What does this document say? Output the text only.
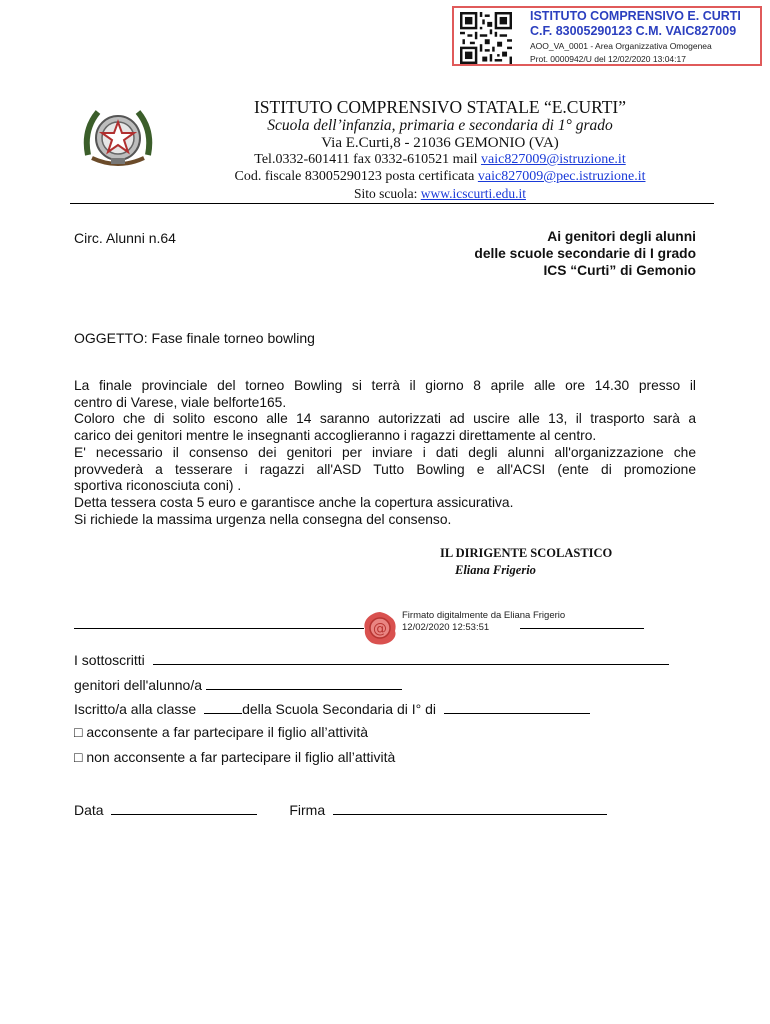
ISTITUTO COMPRENSIVO E. CURTI
C.F. 83005290123 C.M. VAIC827009
AOO_VA_0001 - Area Organizzativa Omogenea
Prot. 0000942/U del 12/02/2020 13:04:17
ISTITUTO COMPRENSIVO STATALE “E.CURTI”
Scuola dell’infanzia, primaria e secondaria di 1° grado
Via E.Curti,8 - 21036 GEMONIO (VA)
Tel.0332-601411 fax 0332-610521 mail vaic827009@istruzione.it
Cod. fiscale 83005290123 posta certificata vaic827009@pec.istruzione.it
Sito scuola: www.icscurti.edu.it
Circ. Alunni n.64	Ai genitori degli alunni
delle scuole secondarie di I grado
ICS “Curti” di Gemonio
OGGETTO: Fase finale torneo bowling
La finale provinciale del torneo Bowling si terrà il giorno 8 aprile alle ore 14.30 presso il
centro di Varese, viale belforte165.
Coloro che di solito escono alle 14 saranno autorizzati ad uscire alle 13, il trasporto sarà a
carico dei genitori mentre le insegnanti accoglieranno i ragazzi direttamente al centro.
E' necessario il consenso dei genitori per inviare i dati degli alunni all'organizzazione che
provvederà a tesserare i ragazzi all'ASD Tutto Bowling e all'ACSI (ente di promozione
sportiva riconosciuta coni) .
Detta tessera costa 5 euro e garantisce anche la copertura assicurativa.
Si richiede la massima urgenza nella consegna del consenso.
IL DIRIGENTE SCOLASTICO
Eliana Frigerio
@
Firmato digitalmente da Eliana Frigerio
12/02/2020 12:53:51
I sottoscritti
genitori dell'alunno/a
Iscritto/a alla classe	della Scuola Secondaria di I° di
□ acconsente a far partecipare il figlio all’attività
□ non acconsente a far partecipare il figlio all’attività
Data	Firma
